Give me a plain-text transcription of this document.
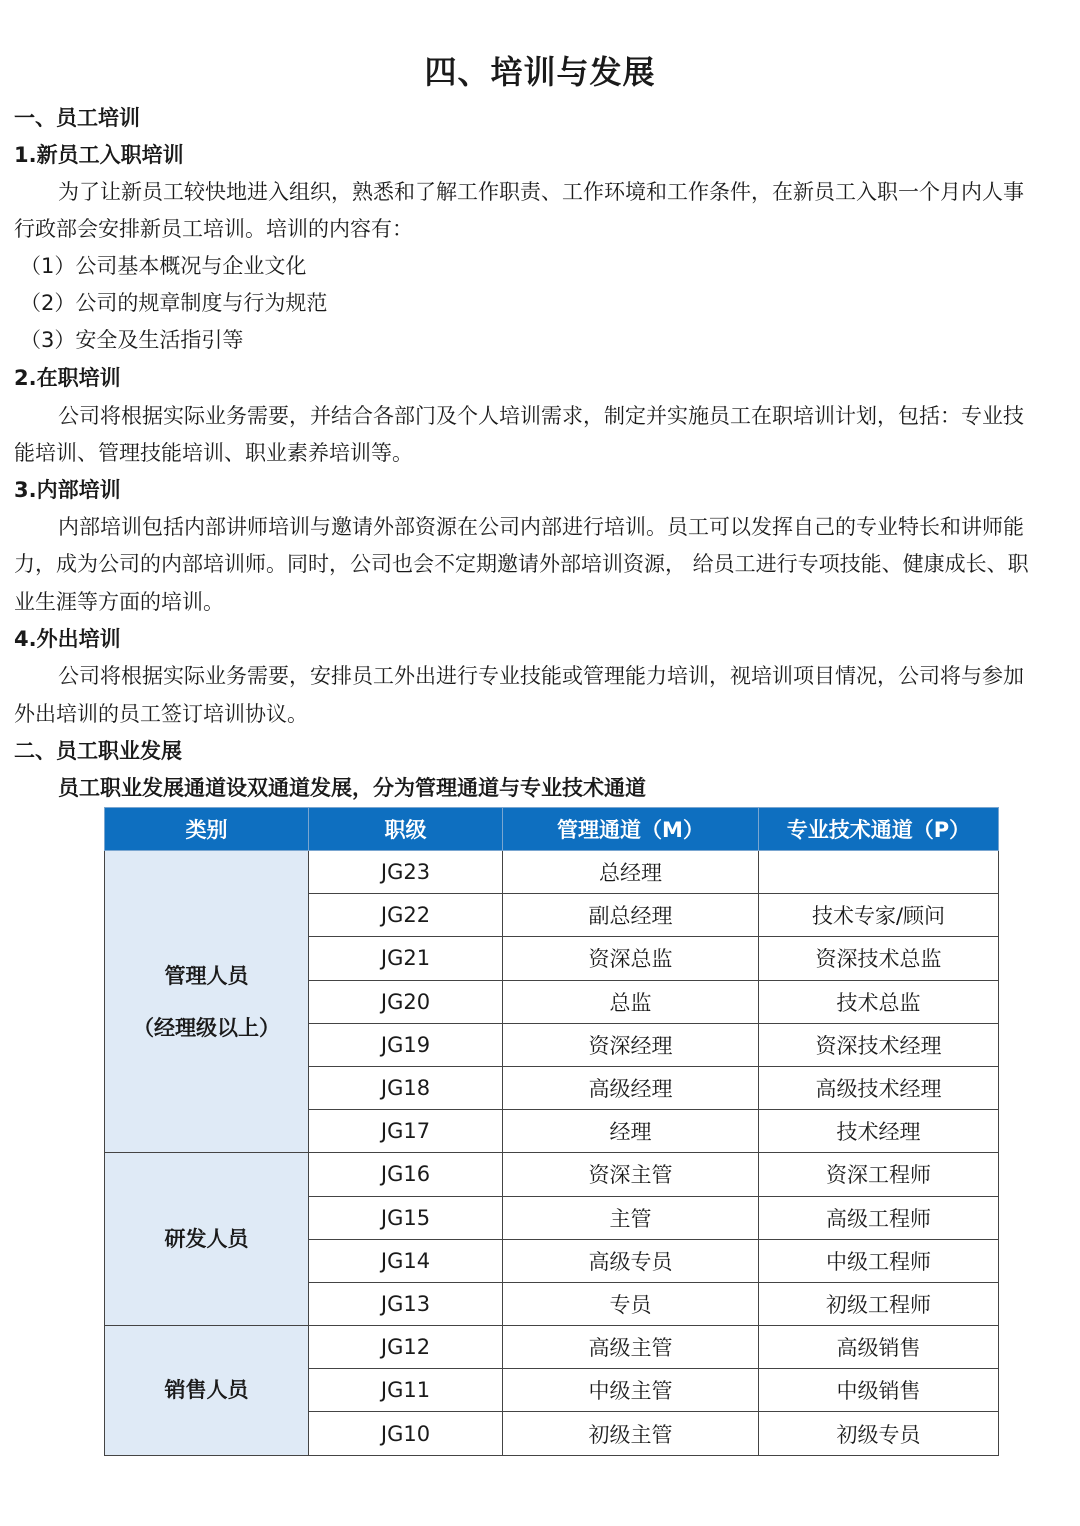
四、培训与发展
一、员工培训
1.新员工入职培训
为了让新员工较快地进入组织，熟悉和了解工作职责、工作环境和工作条件，在新员工入职一个月内人事
行政部会安排新员工培训。培训的内容有：
（1）公司基本概况与企业文化
（2）公司的规章制度与行为规范
（3）安全及生活指引等
2.在职培训
公司将根据实际业务需要，并结合各部门及个人培训需求，制定并实施员工在职培训计划，包括：专业技
能培训、管理技能培训、职业素养培训等。
3.内部培训
内部培训包括内部讲师培训与邀请外部资源在公司内部进行培训。员工可以发挥自己的专业特长和讲师能
力，成为公司的内部培训师。同时，公司也会不定期邀请外部培训资源， 给员工进行专项技能、健康成长、职
业生涯等方面的培训。
4.外出培训
公司将根据实际业务需要，安排员工外出进行专业技能或管理能力培训，视培训项目情况，公司将与参加
外出培训的员工签订培训协议。
二、员工职业发展
员工职业发展通道设双通道发展，分为管理通道与专业技术通道
类别	职级	管理通道（M）	专业技术通道（P）

管理人员
（经理级以上）	JG23	总经理	
	JG22	副总经理	技术专家/顾问
	JG21	资深总监	资深技术总监
	JG20	总监	技术总监
	JG19	资深经理	资深技术经理
	JG18	高级经理	高级技术经理
	JG17	经理	技术经理
研发人员	JG16	资深主管	资深工程师
	JG15	主管	高级工程师
	JG14	高级专员	中级工程师
	JG13	专员	初级工程师
销售人员	JG12	高级主管	高级销售
	JG11	中级主管	中级销售
	JG10	初级主管	初级专员
